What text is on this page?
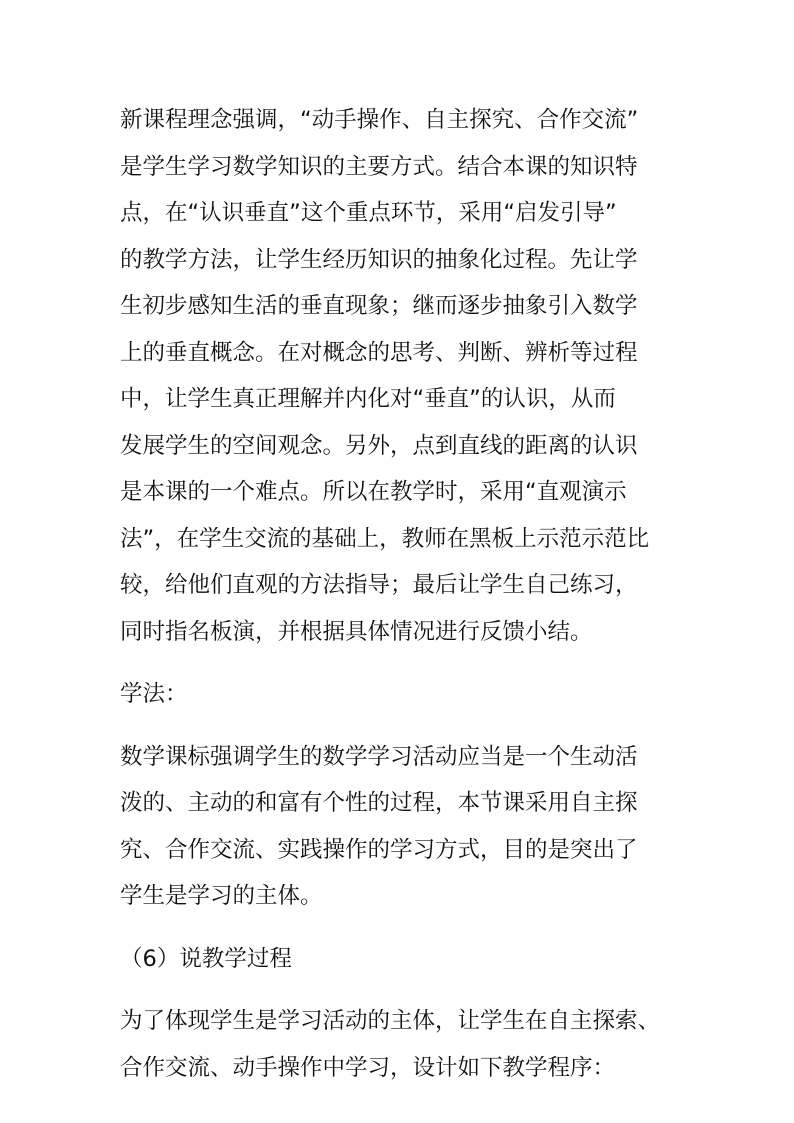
新课程理念强调，“动手操作、自主探究、合作交流”
是学生学习数学知识的主要方式。结合本课的知识特
点，在“认识垂直”这个重点环节，采用“启发引导”
的教学方法，让学生经历知识的抽象化过程。先让学
生初步感知生活的垂直现象；继而逐步抽象引入数学
上的垂直概念。在对概念的思考、判断、辨析等过程
中，让学生真正理解并内化对“垂直”的认识，从而
发展学生的空间观念。另外，点到直线的距离的认识
是本课的一个难点。所以在教学时，采用“直观演示
法”，在学生交流的基础上，教师在黑板上示范示范比
较，给他们直观的方法指导；最后让学生自己练习，
同时指名板演，并根据具体情况进行反馈小结。
学法：
数学课标强调学生的数学学习活动应当是一个生动活
泼的、主动的和富有个性的过程，本节课采用自主探
究、合作交流、实践操作的学习方式，目的是突出了
学生是学习的主体。
（6）说教学过程
为了体现学生是学习活动的主体，让学生在自主探索、
合作交流、动手操作中学习，设计如下教学程序：
